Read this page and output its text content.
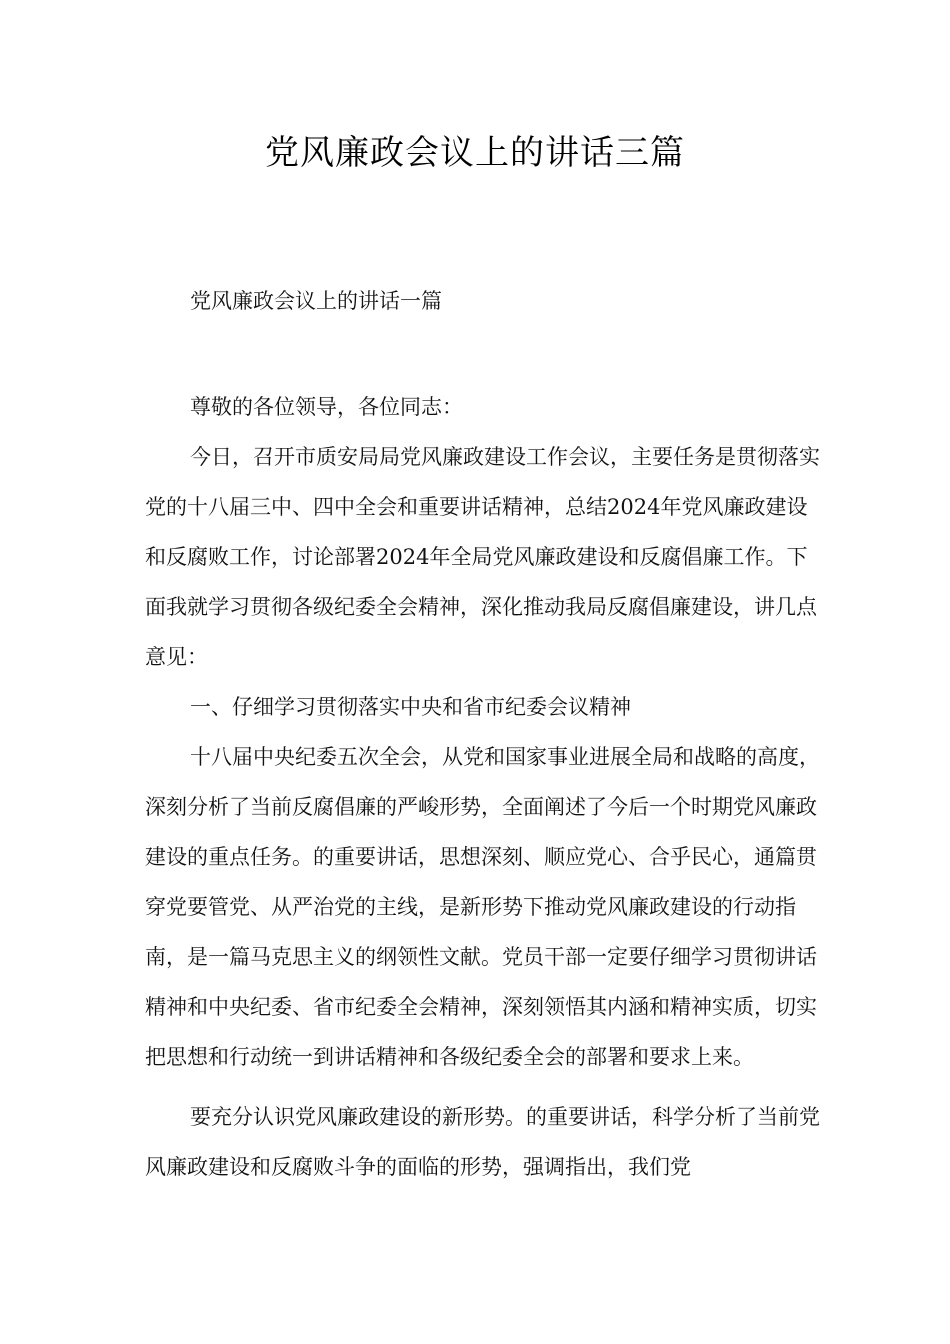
党风廉政会议上的讲话三篇
党风廉政会议上的讲话一篇

尊敬的各位领导，各位同志：

今日，召开市质安局局党风廉政建设工作会议，主要任务是贯彻落实党的十八届三中、四中全会和重要讲话精神，总结2024年党风廉政建设和反腐败工作，讨论部署2024年全局党风廉政建设和反腐倡廉工作。下面我就学习贯彻各级纪委全会精神，深化推动我局反腐倡廉建设，讲几点意见：

一、仔细学习贯彻落实中央和省市纪委会议精神

十八届中央纪委五次全会，从党和国家事业进展全局和战略的高度，深刻分析了当前反腐倡廉的严峻形势，全面阐述了今后一个时期党风廉政建设的重点任务。的重要讲话，思想深刻、顺应党心、合乎民心，通篇贯穿党要管党、从严治党的主线，是新形势下推动党风廉政建设的行动指南，是一篇马克思主义的纲领性文献。党员干部一定要仔细学习贯彻讲话精神和中央纪委、省市纪委全会精神，深刻领悟其内涵和精神实质，切实把思想和行动统一到讲话精神和各级纪委全会的部署和要求上来。

要充分认识党风廉政建设的新形势。的重要讲话，科学分析了当前党风廉政建设和反腐败斗争的面临的形势，强调指出，我们党
